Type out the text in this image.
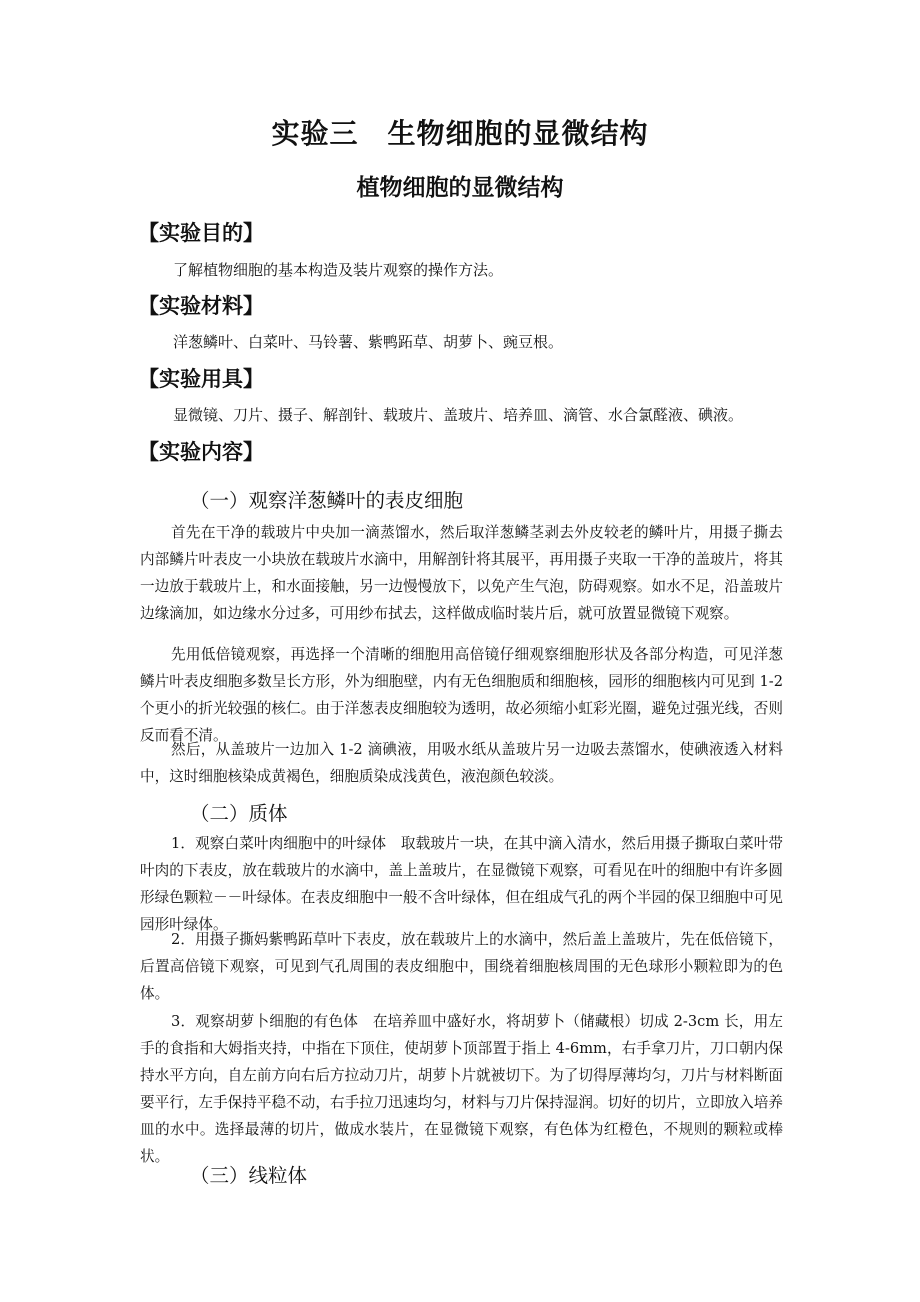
实验三　生物细胞的显微结构
植物细胞的显微结构
【实验目的】
了解植物细胞的基本构造及装片观察的操作方法。
【实验材料】
洋葱鳞叶、白菜叶、马铃薯、紫鸭跖草、胡萝卜、豌豆根。
【实验用具】
显微镜、刀片、摄子、解剖针、载玻片、盖玻片、培养皿、滴管、水合氯醛液、碘液。
【实验内容】
（一）观察洋葱鳞叶的表皮细胞

首先在干净的载玻片中央加一滴蒸馏水，然后取洋葱鳞茎剥去外皮较老的鳞叶片，用摄子撕去内部鳞片叶表皮一小块放在载玻片水滴中，用解剖针将其展平，再用摄子夹取一干净的盖玻片，将其一边放于载玻片上，和水面接触，另一边慢慢放下，以免产生气泡，防碍观察。如水不足，沿盖玻片边缘滴加，如边缘水分过多，可用纱布拭去，这样做成临时装片后，就可放置显微镜下观察。

先用低倍镜观察，再选择一个清晰的细胞用高倍镜仔细观察细胞形状及各部分构造，可见洋葱鳞片叶表皮细胞多数呈长方形，外为细胞壁，内有无色细胞质和细胞核，园形的细胞核内可见到 1-2 个更小的折光较强的核仁。由于洋葱表皮细胞较为透明，故必须缩小虹彩光圈，避免过强光线，否则反而看不清。

然后，从盖玻片一边加入 1-2 滴碘液，用吸水纸从盖玻片另一边吸去蒸馏水，使碘液透入材料中，这时细胞核染成黄褐色，细胞质染成浅黄色，液泡颜色较淡。

（二）质体

1．观察白菜叶肉细胞中的叶绿体　取载玻片一块，在其中滴入清水，然后用摄子撕取白菜叶带叶肉的下表皮，放在载玻片的水滴中，盖上盖玻片，在显微镜下观察，可看见在叶的细胞中有许多圆形绿色颗粒－－叶绿体。在表皮细胞中一般不含叶绿体，但在组成气孔的两个半园的保卫细胞中可见园形叶绿体。

2．用摄子撕妈紫鸭跖草叶下表皮，放在载玻片上的水滴中，然后盖上盖玻片，先在低倍镜下，后置高倍镜下观察，可见到气孔周围的表皮细胞中，围绕着细胞核周围的无色球形小颗粒即为的色体。

3．观察胡萝卜细胞的有色体　在培养皿中盛好水，将胡萝卜（储藏根）切成 2-3cm 长，用左手的食指和大姆指夹持，中指在下顶住，使胡萝卜顶部置于指上 4-6mm，右手拿刀片，刀口朝内保持水平方向，自左前方向右后方拉动刀片，胡萝卜片就被切下。为了切得厚薄均匀，刀片与材料断面要平行，左手保持平稳不动，右手拉刀迅速均匀，材料与刀片保持湿润。切好的切片，立即放入培养皿的水中。选择最薄的切片，做成水装片，在显微镜下观察，有色体为红橙色，不规则的颗粒或棒状。

（三）线粒体
